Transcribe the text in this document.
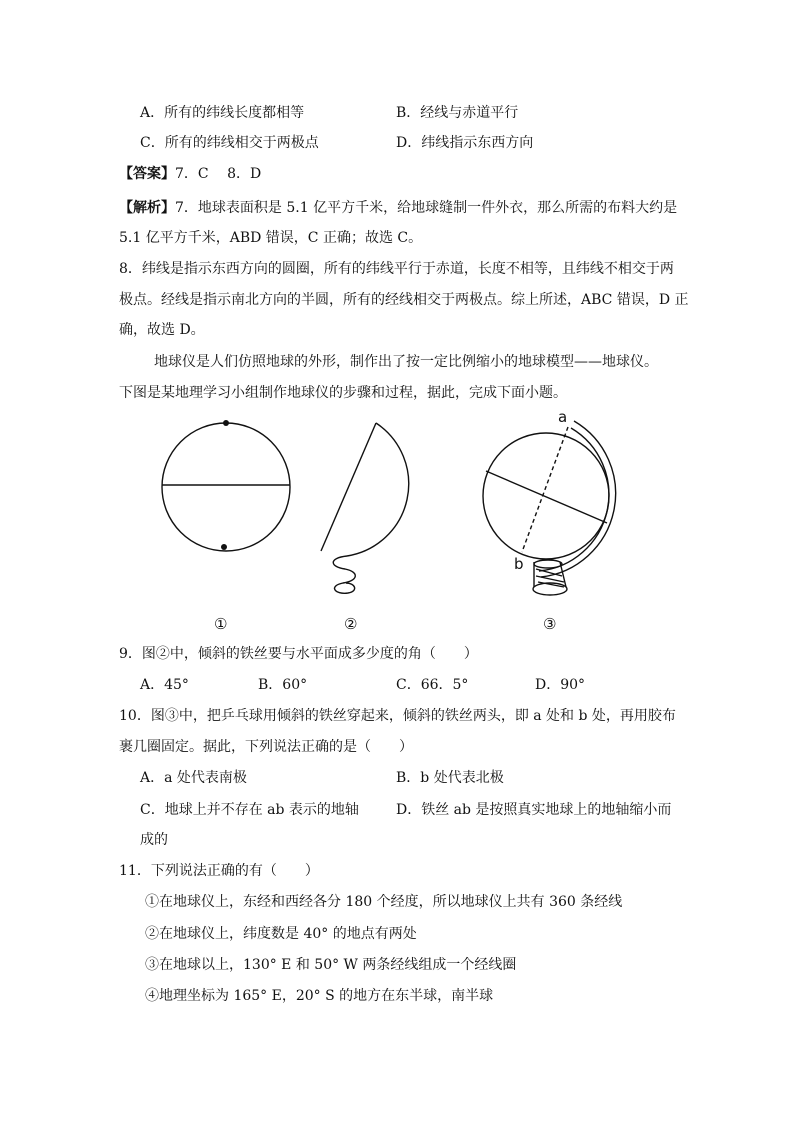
A．所有的纬线长度都相等	B．经线与赤道平行
C．所有的纬线相交于两极点	D．纬线指示东西方向
【答案】7．C　 8．D
【解析】7．地球表面积是 5.1 亿平方千米，给地球缝制一件外衣，那么所需的布料大约是
5.1 亿平方千米，ABD 错误，C 正确；故选 C。
8．纬线是指示东西方向的圆圈，所有的纬线平行于赤道，长度不相等，且纬线不相交于两
极点。经线是指示南北方向的半圆，所有的经线相交于两极点。综上所述，ABC 错误，D 正
确，故选 D。
地球仪是人们仿照地球的外形，制作出了按一定比例缩小的地球模型——地球仪。
下图是某地理学习小组制作地球仪的步骤和过程，据此，完成下面小题。
a
b
①	②	③
9．图②中，倾斜的铁丝要与水平面成多少度的角（　　）
A．45°	B．60°	C．66．5°	D．90°
10．图③中，把乒乓球用倾斜的铁丝穿起来，倾斜的铁丝两头，即 a 处和 b 处，再用胶布
裹几圈固定。据此，下列说法正确的是（　　）
A．a 处代表南极	B．b 处代表北极
C．地球上并不存在 ab 表示的地轴	D．铁丝 ab 是按照真实地球上的地轴缩小而
成的
11．下列说法正确的有（　　）
①在地球仪上，东经和西经各分 180 个经度，所以地球仪上共有 360 条经线
②在地球仪上，纬度数是 40° 的地点有两处
③在地球以上，130° E 和 50° W 两条经线组成一个经线圈
④地理坐标为 165° E，20° S 的地方在东半球，南半球
